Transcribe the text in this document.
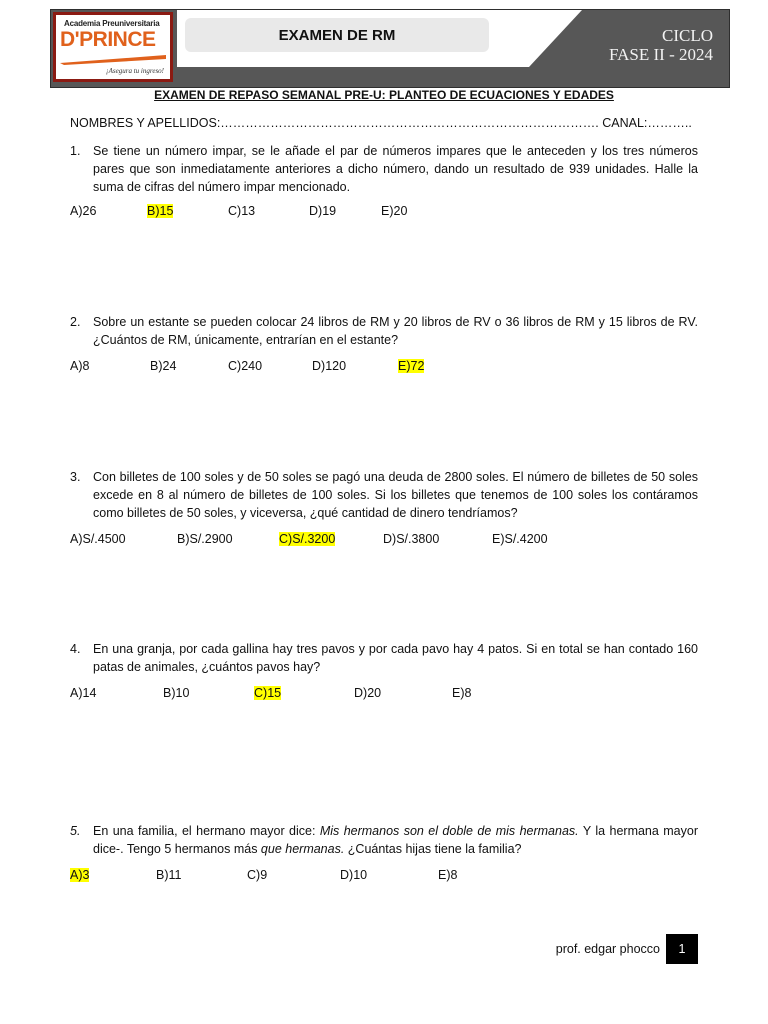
Academia Preuniversitaria
D'PRINCE
¡Asegura tu ingreso!
EXAMEN DE RM	CICLO
FASE II - 2024
EXAMEN DE REPASO SEMANAL PRE-U: PLANTEO DE ECUACIONES Y EDADES
NOMBRES Y APELLIDOS:………………………………………………………………………………. CANAL:………..
1. Se tiene un número impar, se le añade el par de números impares que le anteceden y los tres números pares que son inmediatamente anteriores a dicho número, dando un resultado de 939 unidades. Halle la suma de cifras del número impar mencionado.
A)26	B)15	C)13	D)19	E)20
2. Sobre un estante se pueden colocar 24 libros de RM y 20 libros de RV o 36 libros de RM y 15 libros de RV. ¿Cuántos de RM, únicamente, entrarían en el estante?
A)8	B)24	C)240	D)120	E)72
3. Con billetes de 100 soles y de 50 soles se pagó una deuda de 2800 soles. El número de billetes de 50 soles excede en 8 al número de billetes de 100 soles. Si los billetes que tenemos de 100 soles los contáramos como billetes de 50 soles, y viceversa, ¿qué cantidad de dinero tendríamos?
A)S/.4500	B)S/.2900	C)S/.3200	D)S/.3800	E)S/.4200
4. En una granja, por cada gallina hay tres pavos y por cada pavo hay 4 patos. Si en total se han contado 160 patas de animales, ¿cuántos pavos hay?
A)14	B)10	C)15	D)20	E)8
5. En una familia, el hermano mayor dice: Mis hermanos son el doble de mis hermanas. Y la hermana mayor dice-. Tengo 5 hermanos más que hermanas. ¿Cuántas hijas tiene la familia?
A)3	B)11	C)9	D)10	E)8
prof. edgar phocco	1
